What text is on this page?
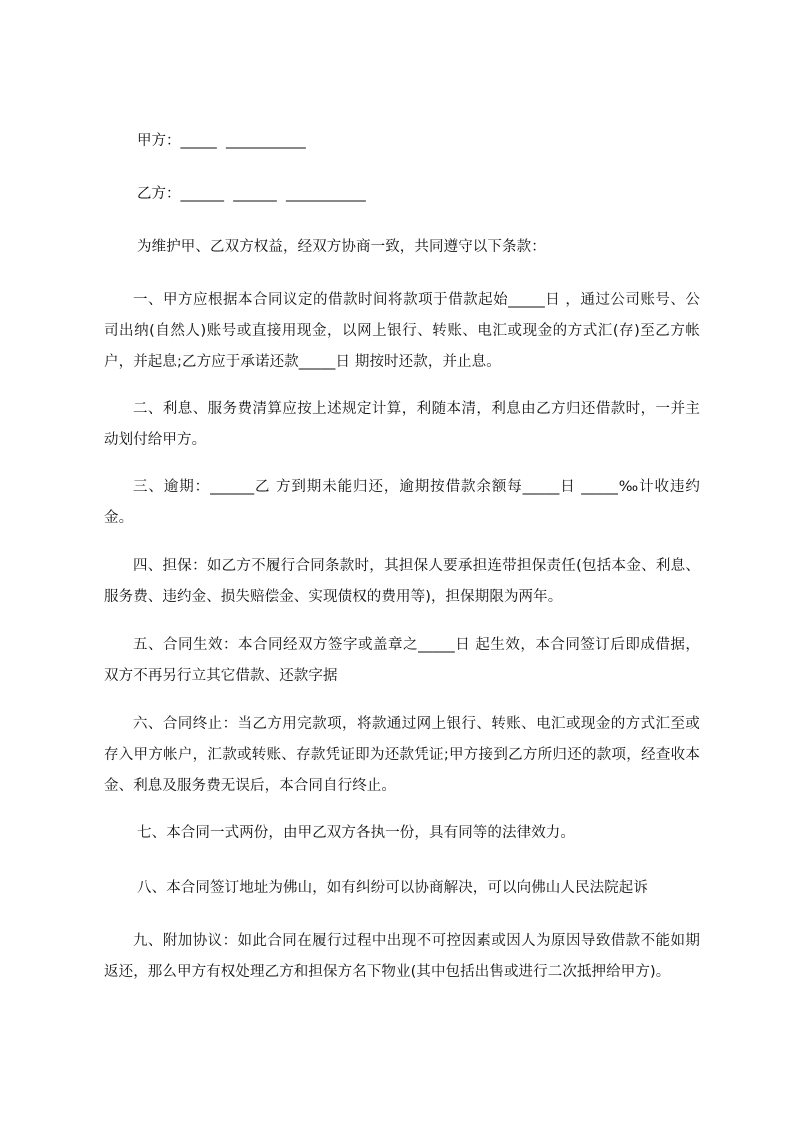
甲方：_____ ___________
乙方：______ ______ ___________
为维护甲、乙双方权益，经双方协商一致，共同遵守以下条款：
一、甲方应根据本合同议定的借款时间将款项于借款起始_____日 ，通过公司账号、公司出纳(自然人)账号或直接用现金，以网上银行、转账、电汇或现金的方式汇(存)至乙方帐户，并起息;乙方应于承诺还款_____日 期按时还款，并止息。
二、利息、服务费清算应按上述规定计算，利随本清，利息由乙方归还借款时，一并主动划付给甲方。
三、逾期：______乙 方到期未能归还，逾期按借款余额每_____日 _____‰计收违约金。
四、担保：如乙方不履行合同条款时，其担保人要承担连带担保责任(包括本金、利息、服务费、违约金、损失赔偿金、实现债权的费用等)，担保期限为两年。
五、合同生效：本合同经双方签字或盖章之_____日 起生效，本合同签订后即成借据，双方不再另行立其它借款、还款字据
六、合同终止：当乙方用完款项，将款通过网上银行、转账、电汇或现金的方式汇至或存入甲方帐户，汇款或转账、存款凭证即为还款凭证;甲方接到乙方所归还的款项，经查收本金、利息及服务费无误后，本合同自行终止。
七、本合同一式两份，由甲乙双方各执一份，具有同等的法律效力。
八、本合同签订地址为佛山，如有纠纷可以协商解决，可以向佛山人民法院起诉
九、附加协议：如此合同在履行过程中出现不可控因素或因人为原因导致借款不能如期返还，那么甲方有权处理乙方和担保方名下物业(其中包括出售或进行二次抵押给甲方)。
